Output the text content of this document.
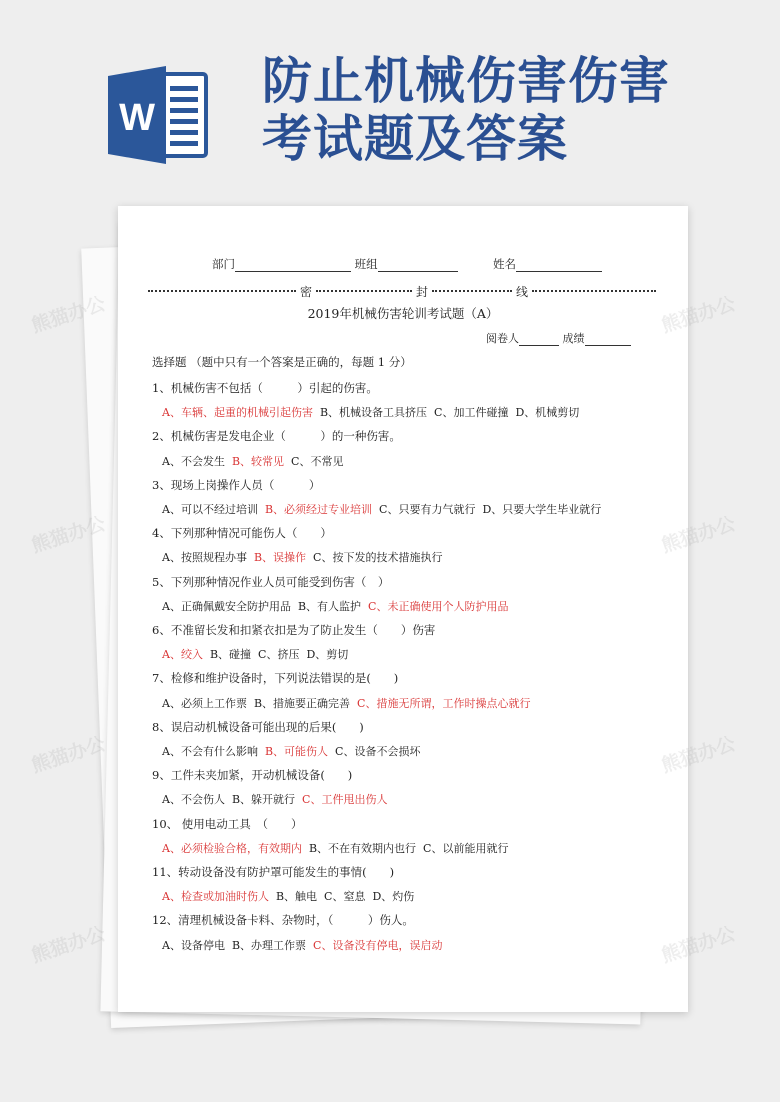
W
防止机械伤害伤害
考试题及答案
部门	班组	姓名
密	封	线
2019年机械伤害轮训考试题（A）
阅卷人	成绩
选择题 （题中只有一个答案是正确的，每题 1 分）
1、机械伤害不包括（　　　）引起的伤害。
A、车辆、起重的机械引起伤害 B、机械设备工具挤压 C、加工件碰撞 D、机械剪切
2、机械伤害是发电企业（　　　）的一种伤害。
A、不会发生 B、较常见 C、不常见
3、现场上岗操作人员（　　　）
A、可以不经过培训 B、必须经过专业培训 C、只要有力气就行 D、只要大学生毕业就行
4、下列那种情况可能伤人（　　）
A、按照规程办事 B、误操作 C、按下发的技术措施执行
5、下列那种情况作业人员可能受到伤害（　）
A、正确佩戴安全防护用品 B、有人监护 C、未正确使用个人防护用品
6、不准留长发和扣紧衣扣是为了防止发生（　　）伤害
A、绞入 B、碰撞 C、挤压 D、剪切
7、检修和维护设备时，下列说法错误的是(　　)
A、必须上工作票 B、措施要正确完善 C、措施无所谓，工作时操点心就行
8、误启动机械设备可能出现的后果(　　)
A、不会有什么影响 B、可能伤人 C、设备不会损坏
9、工件未夹加紧，开动机械设备(　　)
A、不会伤人 B、躲开就行 C、工件甩出伤人
10、 使用电动工具　（　　）
A、必须检验合格，有效期内 B、不在有效期内也行 C、以前能用就行
11、转动设备没有防护罩可能发生的事情(　　)
A、检查或加油时伤人 B、触电 C、窒息 D、灼伤
12、清理机械设备卡料、杂物时，（　　　）伤人。
A、设备停电 B、办理工作票 C、设备没有停电，误启动
熊猫办公	熊猫办公
熊猫办公	熊猫办公
熊猫办公	熊猫办公
熊猫办公	熊猫办公
